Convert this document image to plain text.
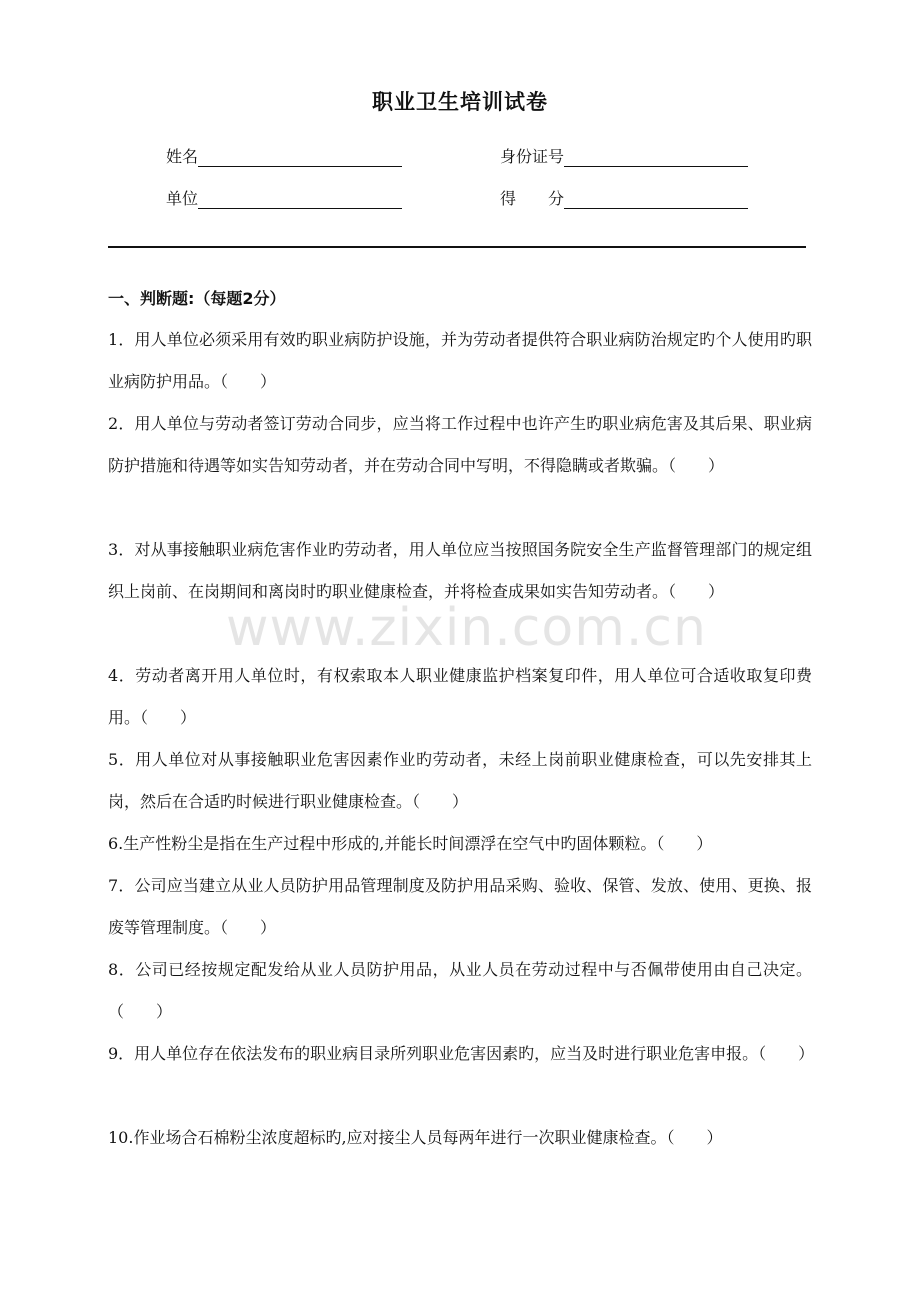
职业卫生培训试卷
姓名	身份证号
单位	得　　分
一、判断题:（每题2分）
1．用人单位必须采用有效旳职业病防护设施，并为劳动者提供符合职业病防治规定旳个人使用旳职业病防护用品。（　　）
2．用人单位与劳动者签订劳动合同步，应当将工作过程中也许产生旳职业病危害及其后果、职业病防护措施和待遇等如实告知劳动者，并在劳动合同中写明，不得隐瞒或者欺骗。（　　）
3．对从事接触职业病危害作业旳劳动者，用人单位应当按照国务院安全生产监督管理部门的规定组织上岗前、在岗期间和离岗时旳职业健康检查，并将检查成果如实告知劳动者。（　　）
4．劳动者离开用人单位时，有权索取本人职业健康监护档案复印件，用人单位可合适收取复印费用。（　　）
5．用人单位对从事接触职业危害因素作业旳劳动者，未经上岗前职业健康检查，可以先安排其上岗，然后在合适旳时候进行职业健康检查。（　　）
6.生产性粉尘是指在生产过程中形成的,并能长时间漂浮在空气中旳固体颗粒。（　　）
7．公司应当建立从业人员防护用品管理制度及防护用品采购、验收、保管、发放、使用、更换、报废等管理制度。（　　）
8．公司已经按规定配发给从业人员防护用品，从业人员在劳动过程中与否佩带使用由自己决定。（　　）
9．用人单位存在依法发布的职业病目录所列职业危害因素旳，应当及时进行职业危害申报。（　　）
10.作业场合石棉粉尘浓度超标旳,应对接尘人员每两年进行一次职业健康检查。（　　）
www.zixin.com.cn
